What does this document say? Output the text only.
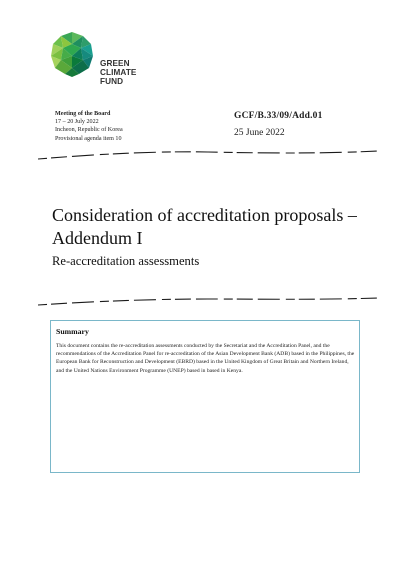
GREEN
CLIMATE
FUND
Meeting of the Board
17 – 20 July 2022
Incheon, Republic of Korea
Provisional agenda item 10
GCF/B.33/09/Add.01
25 June 2022
Consideration of accreditation proposals – Addendum I
Re-accreditation assessments
Summary
This document contains the re-accreditation assessments conducted by the Secretariat and the Accreditation Panel, and the recommendations of the Accreditation Panel for re-accreditation of the Asian Development Bank (ADB) based in the Philippines, the European Bank for Reconstruction and Development (EBRD) based in the United Kingdom of Great Britain and Northern Ireland, and the United Nations Environment Programme (UNEP) based in based in Kenya.
